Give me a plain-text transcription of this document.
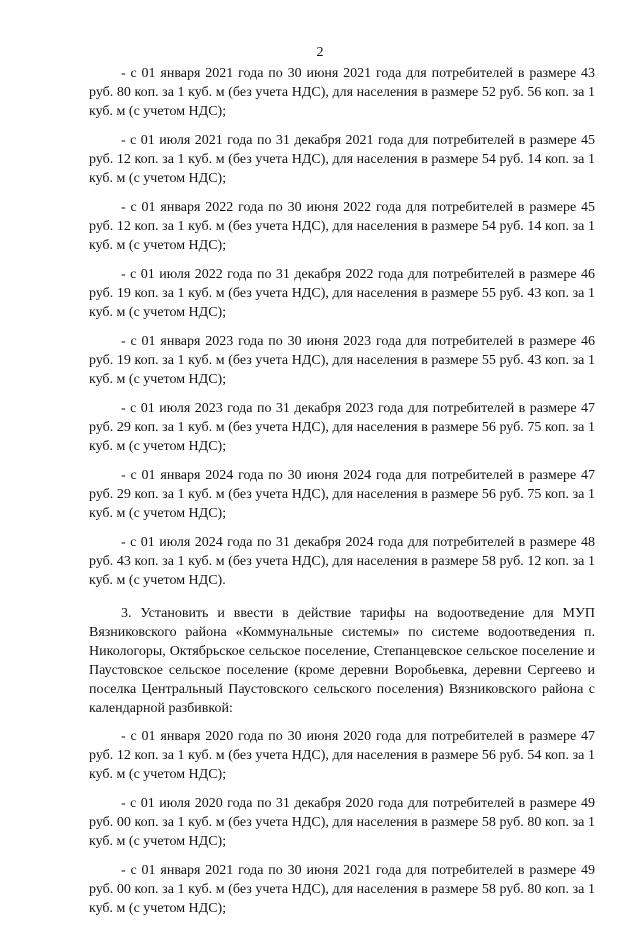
2

- с 01 января 2021 года по 30 июня 2021 года для потребителей в размере 43 руб. 80 коп. за 1 куб. м (без учета НДС), для населения в размере 52 руб. 56 коп. за 1 куб. м (с учетом НДС);

- с 01 июля 2021 года по 31 декабря 2021 года для потребителей в размере 45 руб. 12 коп. за 1 куб. м (без учета НДС), для населения в размере 54 руб. 14 коп. за 1 куб. м (с учетом НДС);

- с 01 января 2022 года по 30 июня 2022 года для потребителей в размере 45 руб. 12 коп. за 1 куб. м (без учета НДС), для населения в размере 54 руб. 14 коп. за 1 куб. м (с учетом НДС);

- с 01 июля 2022 года по 31 декабря 2022 года для потребителей в размере 46 руб. 19 коп. за 1 куб. м (без учета НДС), для населения в размере 55 руб. 43 коп. за 1 куб. м (с учетом НДС);

- с 01 января 2023 года по 30 июня 2023 года для потребителей в размере 46 руб. 19 коп. за 1 куб. м (без учета НДС), для населения в размере 55 руб. 43 коп. за 1 куб. м (с учетом НДС);

- с 01 июля 2023 года по 31 декабря 2023 года для потребителей в размере 47 руб. 29 коп. за 1 куб. м (без учета НДС), для населения в размере 56 руб. 75 коп. за 1 куб. м (с учетом НДС);

- с 01 января 2024 года по 30 июня 2024 года для потребителей в размере 47 руб. 29 коп. за 1 куб. м (без учета НДС), для населения в размере 56 руб. 75 коп. за 1 куб. м (с учетом НДС);

- с 01 июля 2024 года по 31 декабря 2024 года для потребителей в размере 48 руб. 43 коп. за 1 куб. м (без учета НДС), для населения в размере 58 руб. 12 коп. за 1 куб. м (с учетом НДС).

3. Установить и ввести в действие тарифы на водоотведение для МУП Вязниковского района «Коммунальные системы» по системе водоотведения п. Никологоры, Октябрьское сельское поселение, Степанцевское сельское поселение и Паустовское сельское поселение (кроме деревни Воробьевка, деревни Сергеево и поселка Центральный Паустовского сельского поселения) Вязниковского района с календарной разбивкой:

- с 01 января 2020 года по 30 июня 2020 года для потребителей в размере 47 руб. 12 коп. за 1 куб. м (без учета НДС), для населения в размере 56 руб. 54 коп. за 1 куб. м (с учетом НДС);

- с 01 июля 2020 года по 31 декабря 2020 года для потребителей в размере 49 руб. 00 коп. за 1 куб. м (без учета НДС), для населения в размере 58 руб. 80 коп. за 1 куб. м (с учетом НДС);

- с 01 января 2021 года по 30 июня 2021 года для потребителей в размере 49 руб. 00 коп. за 1 куб. м (без учета НДС), для населения в размере 58 руб. 80 коп. за 1 куб. м (с учетом НДС);
